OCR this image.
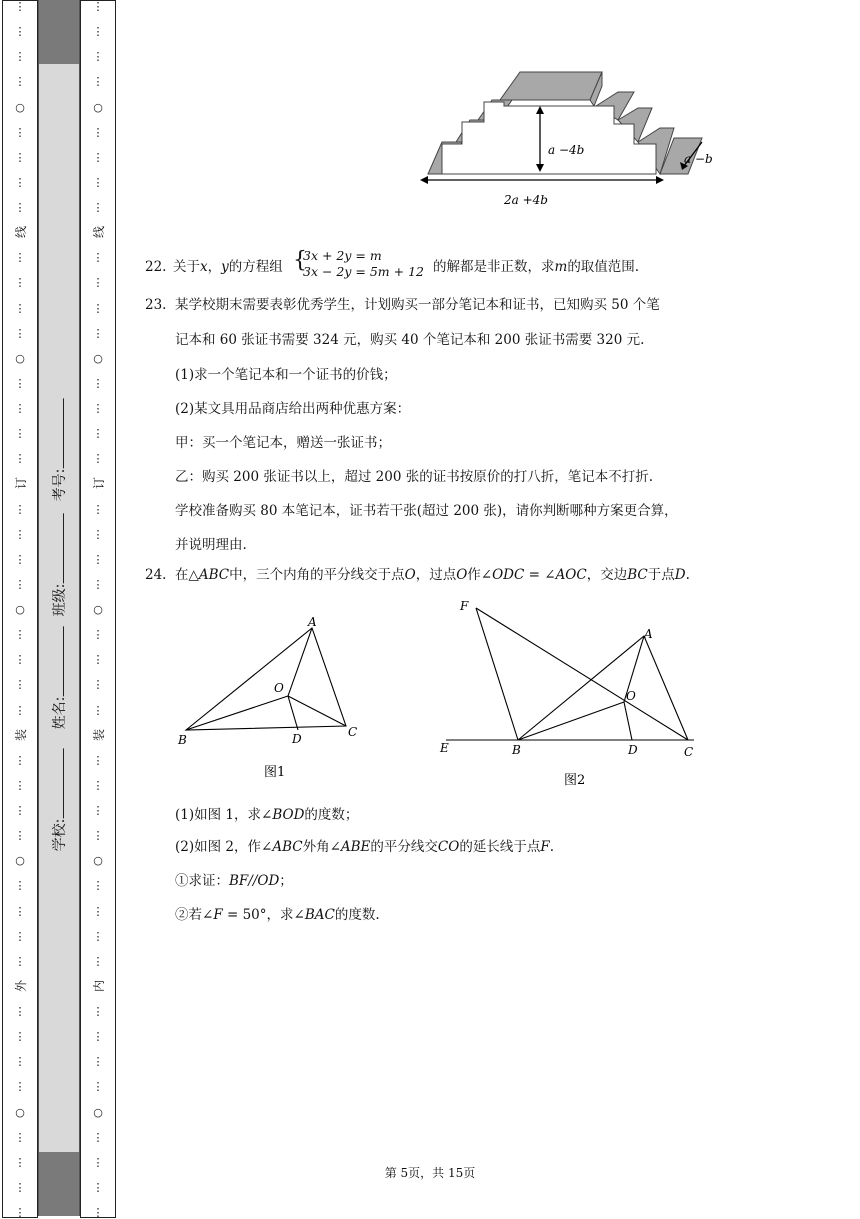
⋮
⋮
⋮
⋮
○
⋮
⋮
⋮
⋮
线
⋮
⋮
⋮
⋮
○
⋮
⋮
⋮
⋮
订
⋮
⋮
⋮
⋮
○
⋮
⋮
⋮
⋮
装
⋮
⋮
⋮
⋮
○
⋮
⋮
⋮
⋮
外
⋮
⋮
⋮
⋮
○
⋮
⋮
⋮
⋮
学校:
姓名:
班级:
考号:
⋮
⋮
⋮
⋮
○
⋮
⋮
⋮
⋮
线
⋮
⋮
⋮
⋮
○
⋮
⋮
⋮
⋮
订
⋮
⋮
⋮
⋮
○
⋮
⋮
⋮
⋮
装
⋮
⋮
⋮
⋮
○
⋮
⋮
⋮
⋮
内
⋮
⋮
⋮
⋮
○
⋮
⋮
⋮
⋮
a −4b
2a +4b
a −b
22. 关于x，y的方程组 {
3x + 2y = m
3x − 2y = 5m + 12 的解都是非正数，求m的取值范围.
23. 某学校期末需要表彰优秀学生，计划购买一部分笔记本和证书，已知购买 50 个笔
记本和 60 张证书需要 324 元，购买 40 个笔记本和 200 张证书需要 320 元.
(1)求一个笔记本和一个证书的价钱；
(2)某文具用品商店给出两种优惠方案：
甲：买一个笔记本，赠送一张证书；
乙：购买 200 张证书以上，超过 200 张的证书按原价的打八折，笔记本不打折.
学校准备购买 80 本笔记本，证书若干张(超过 200 张)，请你判断哪种方案更合算，
并说明理由.
24. 在△ABC中，三个内角的平分线交于点O，过点O作∠ODC = ∠AOC，交边BC于点D.
(1)如图 1，求∠BOD的度数；
(2)如图 2，作∠ABC外角∠ABE的平分线交CO的延长线于点F.
①求证：BF//OD；
②若∠F = 50°，求∠BAC的度数.
A
O
B	D	C
图1
F
A
O
E	B	D	C
图2
第 5页，共 15页
